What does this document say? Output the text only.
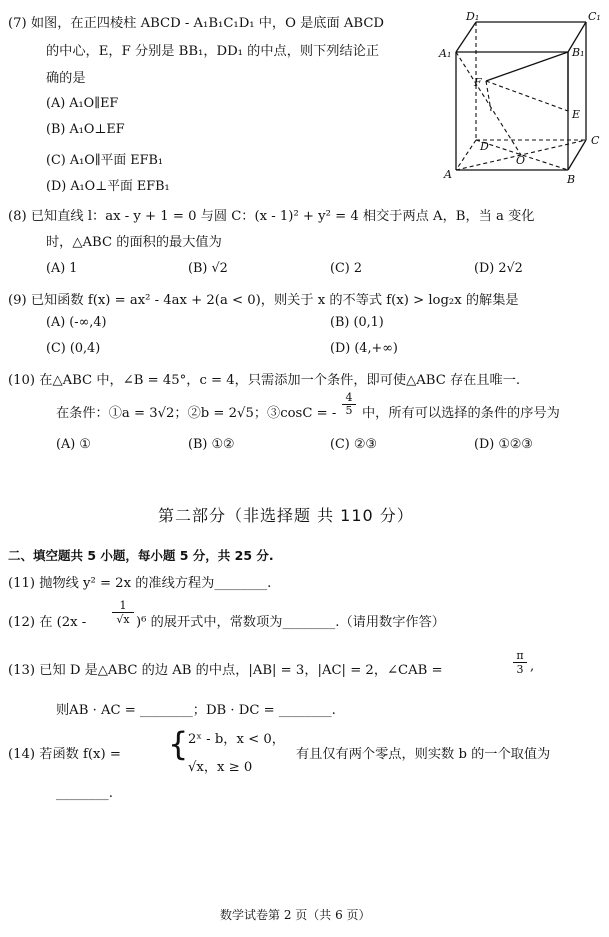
(7) 如图，在正四棱柱 ABCD - A₁B₁C₁D₁ 中，O 是底面 ABCD
的中心，E，F 分别是 BB₁，DD₁ 的中点，则下列结论正
确的是
(A) A₁O∥EF
(B) A₁O⊥EF
(C) A₁O∥平面 EFB₁
(D) A₁O⊥平面 EFB₁
D₁	C₁
A₁	B₁
F
E
D	C
O
A	B
(8) 已知直线 l：ax - y + 1 = 0 与圆 C：(x - 1)² + y² = 4 相交于两点 A，B，当 a 变化
时，△ABC 的面积的最大值为
(A) 1	(B) √2	(C) 2	(D) 2√2
(9) 已知函数 f(x) = ax² - 4ax + 2(a < 0)，则关于 x 的不等式 f(x) > log₂x 的解集是
(A) (-∞,4)	(B) (0,1)
(C) (0,4)	(D) (4,+∞)
(10) 在△ABC 中，∠B = 45°，c = 4，只需添加一个条件，即可使△ABC 存在且唯一.
在条件：①a = 3√2；②b = 2√5；③cosC = - $\frac{4}{5}$ 中，所有可以选择的条件的序号为
(A) ①	(B) ①②	(C) ②③	(D) ①②③
第二部分（非选择题 共 110 分）
二、填空题共 5 小题，每小题 5 分，共 25 分.
(11) 抛物线 y² = 2x 的准线方程为________.
(12) 在 $(2x - \frac{1}{√x} )^6$ 的展开式中，常数项为________.（请用数字作答）
(13) 已知 D 是△ABC 的边 AB 的中点，|AB| = 3，|AC| = 2，∠CAB =	$\frac{\pi}{3}$ ,
则AB · AC = ________；DB · DC = ________.
(14) 若函数 f(x) = { 2ˣ - b，x < 0，
√x，x ≥ 0
有且仅有两个零点，则实数 b 的一个取值为
________.
数学试卷第 2 页（共 6 页）
